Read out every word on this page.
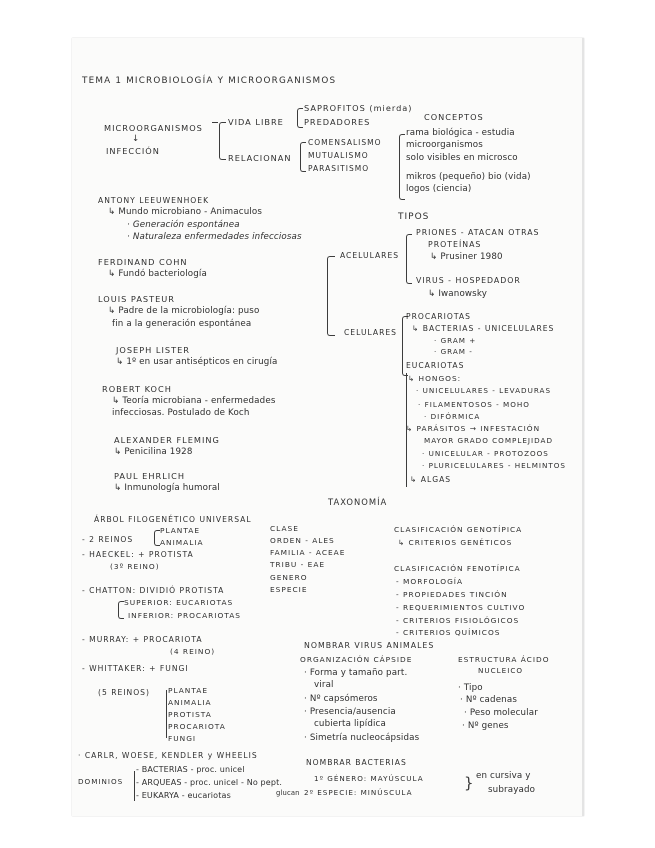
TEMA 1 MICROBIOLOGÍA Y MICROORGANISMOS
MICROORGANISMOS
↓
INFECCIÓN
VIDA LIBRE
SAPROFITOS (mierda)
PREDADORES
RELACIONAN
COMENSALISMO
MUTUALISMO
PARASITISMO
CONCEPTOS
rama biológica - estudia
microorganismos
solo visibles en microsco
mikros (pequeño) bio (vida)
logos (ciencia)
ANTONY LEEUWENHOEK
↳ Mundo microbiano - Animaculos
· Generación espontánea
· Naturaleza enfermedades infecciosas
FERDINAND COHN
↳ Fundó bacteriología
LOUIS PASTEUR
↳ Padre de la microbiología: puso
fin a la generación espontánea
JOSEPH LISTER
↳ 1º en usar antisépticos en cirugía
ROBERT KOCH
↳ Teoría microbiana - enfermedades
infecciosas. Postulado de Koch
ALEXANDER FLEMING
↳ Penicilina 1928
PAUL EHRLICH
↳ Inmunología humoral
TIPOS
ACELULARES
PRIONES - ATACAN OTRAS
PROTEÍNAS
↳ Prusiner 1980
VIRUS - HOSPEDADOR
↳ Iwanowsky
CELULARES
PROCARIOTAS
↳ BACTERIAS - UNICELULARES
· GRAM +
· GRAM -
EUCARIOTAS
↳ HONGOS:
· UNICELULARES - LEVADURAS
· FILAMENTOSOS - MOHO
· DIFÓRMICA
↳ PARÁSITOS → INFESTACIÓN
MAYOR GRADO COMPLEJIDAD
· UNICELULAR - PROTOZOOS
· PLURICELULARES - HELMINTOS
↳ ALGAS
TAXONOMÍA
ÁRBOL FILOGENÉTICO UNIVERSAL
- 2 REINOS
PLANTAE
ANIMALIA
- HAECKEL: + PROTISTA
(3º REINO)
- CHATTON: DIVIDIÓ PROTISTA
SUPERIOR: EUCARIOTAS
INFERIOR: PROCARIOTAS
- MURRAY: + PROCARIOTA
(4 REINO)
- WHITTAKER: + FUNGI
(5 REINOS) PLANTAE
ANIMALIA
PROTISTA
PROCARIOTA
FUNGI
CLASE
ORDEN - ALES
FAMILIA - ACEAE
TRIBU - EAE
GENERO
ESPECIE
CLASIFICACIÓN GENOTÍPICA
↳ CRITERIOS GENÉTICOS
CLASIFICACIÓN FENOTÍPICA
- MORFOLOGÍA
- PROPIEDADES TINCIÓN
- REQUERIMIENTOS CULTIVO
- CRITERIOS FISIOLÓGICOS
- CRITERIOS QUÍMICOS
NOMBRAR VIRUS ANIMALES
ORGANIZACIÓN CÁPSIDE
· Forma y tamaño part.
viral
· Nº capsómeros
· Presencia/ausencia
cubierta lipídica
· Simetría nucleocápsidas
ESTRUCTURA ÁCIDO
NUCLEICO
· Tipo
· Nº cadenas
· Peso molecular
· Nº genes
· CARLR, WOESE, KENDLER y WHEELIS
DOMINIOS
- BACTERIAS - proc. unicel
- ARQUEAS - proc. unicel - No pept.
glucan
- EUKARYA - eucariotas
NOMBRAR BACTERIAS
1º GÉNERO: MAYÚSCULA
2º ESPECIE: MINÚSCULA
} en cursiva y
subrayado
